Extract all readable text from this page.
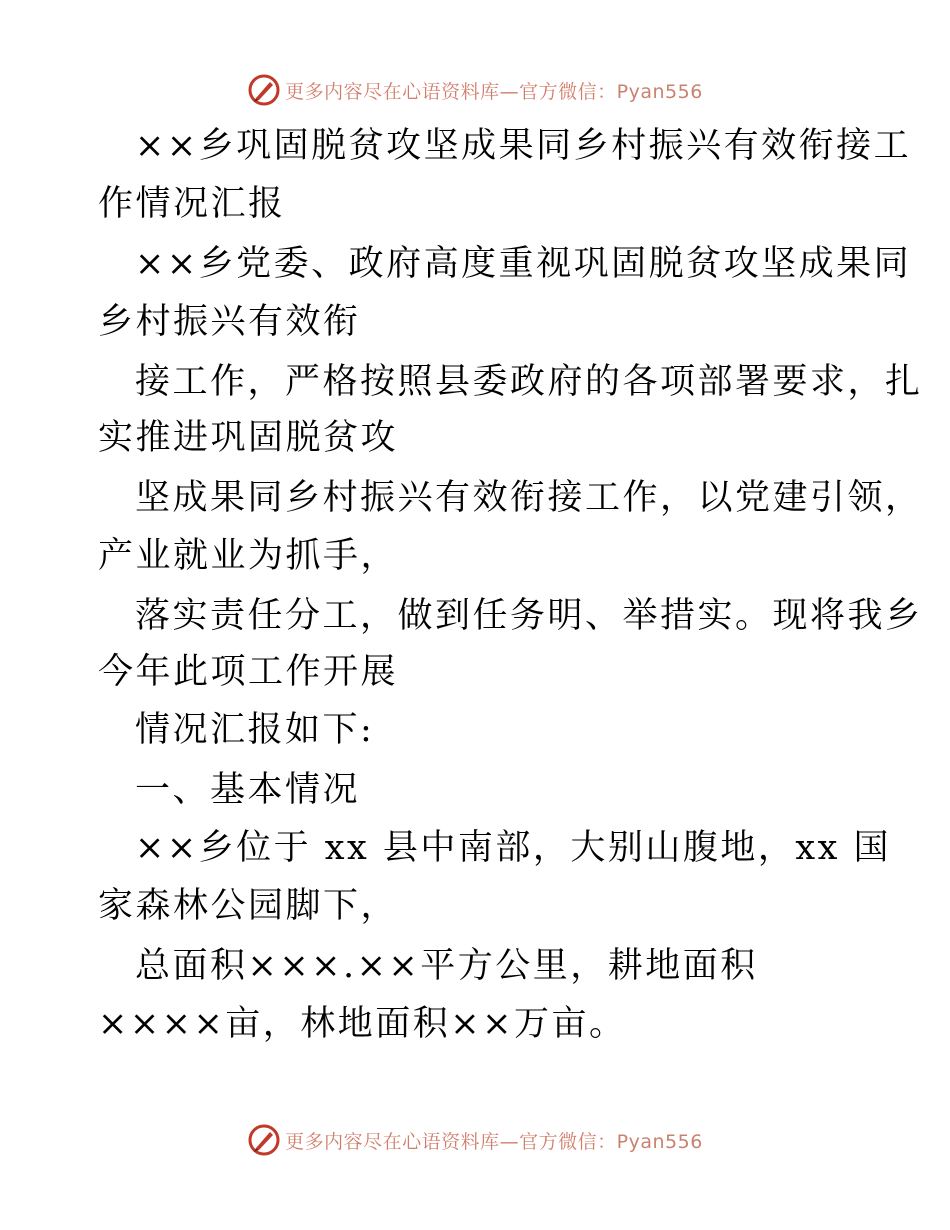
更多内容尽在心语资料库—官方微信：Pyan556
××乡巩固脱贫攻坚成果同乡村振兴有效衔接工
作情况汇报
××乡党委、政府高度重视巩固脱贫攻坚成果同
乡村振兴有效衔
接工作，严格按照县委政府的各项部署要求，扎
实推进巩固脱贫攻
坚成果同乡村振兴有效衔接工作，以党建引领，
产业就业为抓手，
落实责任分工，做到任务明、举措实。现将我乡
今年此项工作开展
情况汇报如下:
一、基本情况
××乡位于 xx 县中南部，大别山腹地，xx 国
家森林公园脚下，
总面积×××.××平方公里，耕地面积
××××亩，林地面积××万亩。
更多内容尽在心语资料库—官方微信：Pyan556
